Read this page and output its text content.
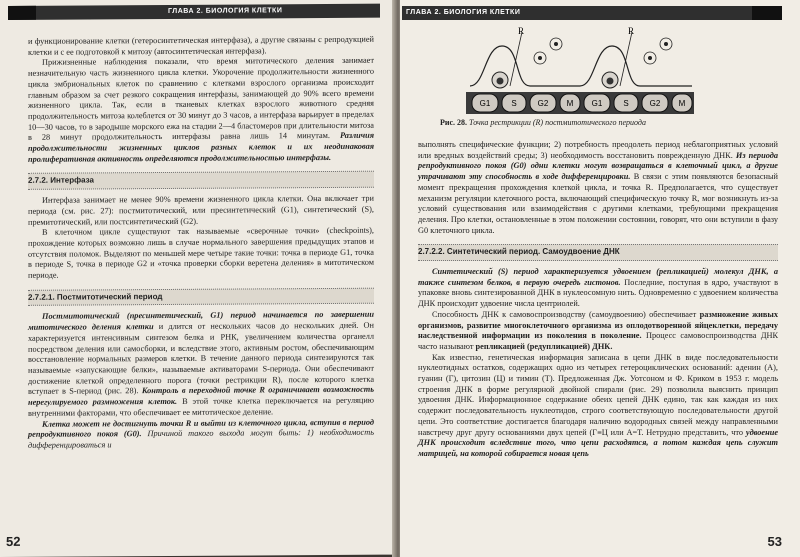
ГЛАВА 2. БИОЛОГИЯ КЛЕТКИ

и функционирование клетки (гетеросинтетическая интерфаза), а другие связаны с репродукцией клетки и с ее подготовкой к митозу (автосинтетическая интерфаза).

Прижизненные наблюдения показали, что время митотического деления занимает незначительную часть жизненного цикла клетки. Укорочение продолжительности жизненного цикла эмбриональных клеток по сравнению с клетками взрослого организма происходит главным образом за счет резкого сокращения интерфазы, занимающей до 90% всего времени жизненного цикла. Так, если в тканевых клетках взрослого животного средняя продолжительность митоза колеблется от 30 минут до 3 часов, а интерфаза варьирует в пределах 10—30 часов, то в зародыше морского ежа на стадии 2—4 бластомеров при длительности митоза в 28 минут продолжительность интерфазы равна лишь 14 минутам. Различия продолжительности жизненных циклов разных клеток и их неодинаковая пролиферативная активность определяются продолжительностью интерфазы.

2.7.2. Интерфаза

Интерфаза занимает не менее 90% времени жизненного цикла клетки. Она включает три периода (см. рис. 27): постмитотический, или пресинтетический (G1), синтетический (S), премитотический, или постсинтетический (G2).

В клеточном цикле существуют так называемые «сверочные точки» (checkpoints), прохождение которых возможно лишь в случае нормального завершения предыдущих этапов и отсутствия поломок. Выделяют по меньшей мере четыре такие точки: точка в периоде G1, точка в периоде S, точка в периоде G2 и «точка проверки сборки веретена деления» в митотическом периоде.

2.7.2.1. Постмитотический период

Постмитотический (пресинтетический, G1) период начинается по завершении митотического деления клетки и длится от нескольких часов до нескольких дней. Он характеризуется интенсивным синтезом белка и РНК, увеличением количества органелл посредством деления или самосборки, и вследствие этого, активным ростом, обеспечивающим восстановление нормальных размеров клетки. В течение данного периода синтезируются так называемые «запускающие белки», называемые активаторами S-периода. Они обеспечивают достижение клеткой определенного порога (точки рестрикции R), после которого клетка вступает в S-период (рис. 28). Контроль в переходной точке R ограничивает возможность нерегулируемого размножения клеток. В этой точке клетка переключается на регуляцию внутренними факторами, что обеспечивает ее митотическое деление.

Клетка может не достигнуть точки R и выйти из клеточного цикла, вступив в период репродуктивного покоя (G0). Причиной такого выхода могут быть: 1) необходимость дифференцироваться и

52
ГЛАВА 2. БИОЛОГИЯ КЛЕТКИ
R	R
G1	S	G2 M G1	S	G2 M
Рис. 28. Точка рестрикции (R) постмитотического периода

выполнять специфические функции; 2) потребность преодолеть период неблагоприятных условий или вредных воздействий среды; 3) необходимость восстановить поврежденную ДНК. Из периода репродуктивного покоя (G0) одни клетки могут возвращаться в клеточный цикл, а другие утрачивают эту способность в ходе дифференцировки. В связи с этим появляются безопасный момент прекращения прохождения клеткой цикла, и точка R. Предполагается, что существует механизм регуляции клеточного роста, включающий специфическую точку R, мог возникнуть из-за условий существования или взаимодействия с другими клетками, требующими прекращения деления. Про клетки, остановленные в этом положении состоянии, говорят, что они вступили в фазу G0 клеточного цикла.

2.7.2.2. Синтетический период. Самоудвоение ДНК

Синтетический (S) период характеризуется удвоением (репликацией) молекул ДНК, а также синтезом белков, в первую очередь гистонов. Последние, поступая в ядро, участвуют в упаковке вновь синтезированной ДНК в нуклеосомную нить. Одновременно с удвоением количества ДНК происходит удвоение числа центриолей.

Способность ДНК к самовоспроизводству (самоудвоению) обеспечивает размножение живых организмов, развитие многоклеточного организма из оплодотворенной яйцеклетки, передачу наследственной информации из поколения в поколение. Процесс самовоспроизводства ДНК часто называют репликацией (редупликацией) ДНК.

Как известно, генетическая информация записана в цепи ДНК в виде последовательности нуклеотидных остатков, содержащих одно из четырех гетероциклических оснований: аденин (А), гуанин (Г), цитозин (Ц) и тимин (Т). Предложенная Дж. Уотсоном и Ф. Криком в 1953 г. модель строения ДНК в форме регулярной двойной спирали (рис. 29) позволила выяснить принцип удвоения ДНК. Информационное содержание обеих цепей ДНК едино, так как каждая из них содержит последовательность нуклеотидов, строго соответствующую последовательности другой цепи. Это соответствие достигается благодаря наличию водородных связей между направленными навстречу друг другу основаниями двух цепей (Г≡Ц или А=Т. Нетрудно представить, что удвоение ДНК происходит вследствие того, что цепи расходятся, а потом каждая цепь служит матрицей, на которой собирается новая цепь

53
